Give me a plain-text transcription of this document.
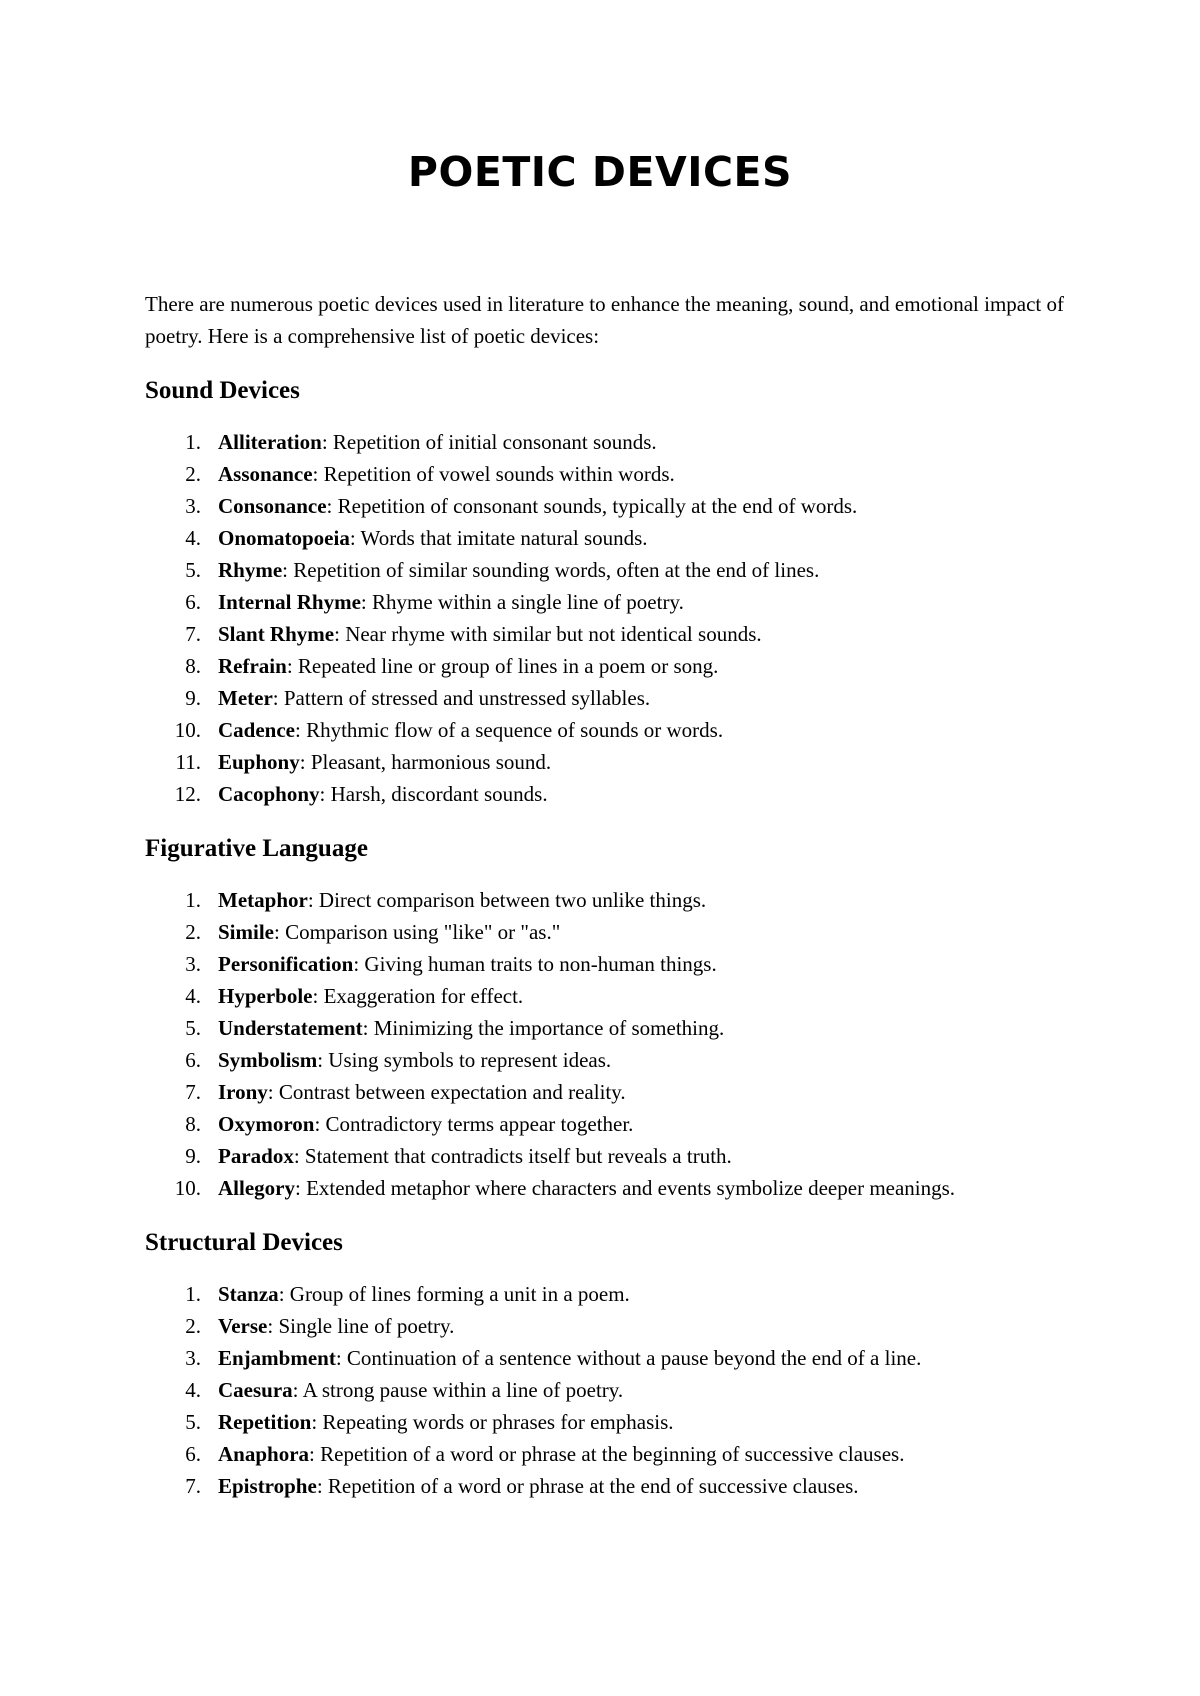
POETIC DEVICES

There are numerous poetic devices used in literature to enhance the meaning, sound, and emotional impact of poetry. Here is a comprehensive list of poetic devices:

Sound Devices
1. Alliteration: Repetition of initial consonant sounds.
2. Assonance: Repetition of vowel sounds within words.
3. Consonance: Repetition of consonant sounds, typically at the end of words.
4. Onomatopoeia: Words that imitate natural sounds.
5. Rhyme: Repetition of similar sounding words, often at the end of lines.
6. Internal Rhyme: Rhyme within a single line of poetry.
7. Slant Rhyme: Near rhyme with similar but not identical sounds.
8. Refrain: Repeated line or group of lines in a poem or song.
9. Meter: Pattern of stressed and unstressed syllables.
10. Cadence: Rhythmic flow of a sequence of sounds or words.
11. Euphony: Pleasant, harmonious sound.
12. Cacophony: Harsh, discordant sounds.
Figurative Language
1. Metaphor: Direct comparison between two unlike things.
2. Simile: Comparison using "like" or "as."
3. Personification: Giving human traits to non-human things.
4. Hyperbole: Exaggeration for effect.
5. Understatement: Minimizing the importance of something.
6. Symbolism: Using symbols to represent ideas.
7. Irony: Contrast between expectation and reality.
8. Oxymoron: Contradictory terms appear together.
9. Paradox: Statement that contradicts itself but reveals a truth.
10. Allegory: Extended metaphor where characters and events symbolize deeper meanings.
Structural Devices
1. Stanza: Group of lines forming a unit in a poem.
2. Verse: Single line of poetry.
3. Enjambment: Continuation of a sentence without a pause beyond the end of a line.
4. Caesura: A strong pause within a line of poetry.
5. Repetition: Repeating words or phrases for emphasis.
6. Anaphora: Repetition of a word or phrase at the beginning of successive clauses.
7. Epistrophe: Repetition of a word or phrase at the end of successive clauses.
